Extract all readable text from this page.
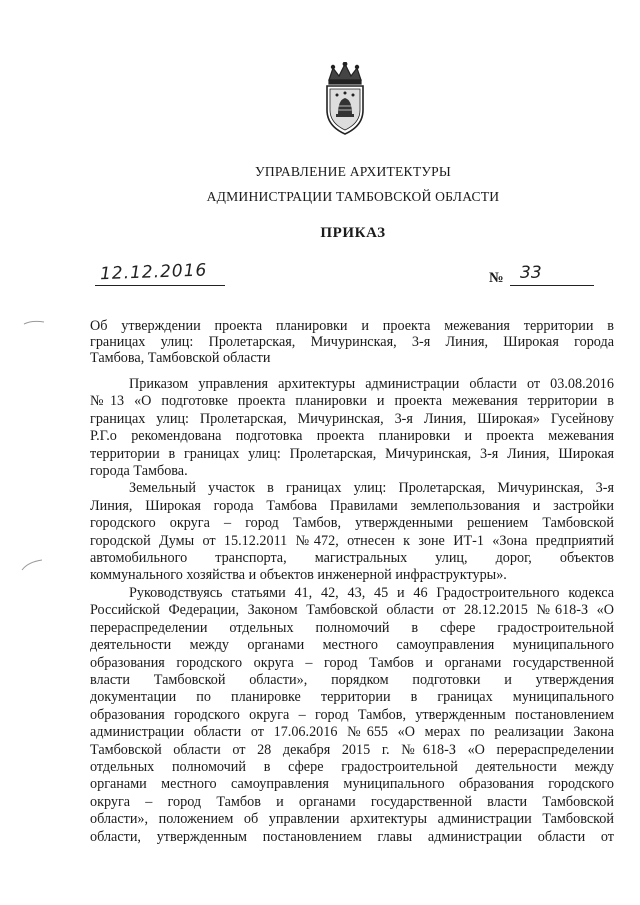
УПРАВЛЕНИЕ АРХИТЕКТУРЫ
АДМИНИСТРАЦИИ ТАМБОВСКОЙ ОБЛАСТИ
ПРИКАЗ
12.12.2016	№ 33
Об утверждении проекта планировки и проекта межевания территории в
границах улиц: Пролетарская, Мичуринская, 3-я Линия, Широкая города
Тамбова, Тамбовской области
Приказом управления архитектуры администрации области от 03.08.2016
№13 «О подготовке проекта планировки и проекта межевания территории в
границах улиц: Пролетарская, Мичуринская, 3-я Линия, Широкая» Гусейнову
Р.Г.о рекомендована подготовка проекта планировки и проекта межевания
территории в границах улиц: Пролетарская, Мичуринская, 3-я Линия, Широкая
города Тамбова.
Земельный участок в границах улиц: Пролетарская, Мичуринская, 3-я
Линия, Широкая города Тамбова Правилами землепользования и застройки
городского округа – город Тамбов, утвержденными решением Тамбовской
городской Думы от 15.12.2011 №472, отнесен к зоне ИТ-1 «Зона предприятий
автомобильного транспорта, магистральных улиц, дорог, объектов
коммунального хозяйства и объектов инженерной инфраструктуры».
Руководствуясь статьями 41, 42, 43, 45 и 46 Градостроительного кодекса
Российской Федерации, Законом Тамбовской области от 28.12.2015 №618-З «О
перераспределении отдельных полномочий в сфере градостроительной
деятельности между органами местного самоуправления муниципального
образования городского округа – город Тамбов и органами государственной
власти Тамбовской области», порядком подготовки и утверждения
документации по планировке территории в границах муниципального
образования городского округа – город Тамбов, утвержденным постановлением
администрации области от 17.06.2016 №655 «О мерах по реализации Закона
Тамбовской области от 28 декабря 2015 г. №618-З «О перераспределении
отдельных полномочий в сфере градостроительной деятельности между
органами местного самоуправления муниципального образования городского
округа – город Тамбов и органами государственной власти Тамбовской
области», положением об управлении архитектуры администрации Тамбовской
области, утвержденным постановлением главы администрации области от
